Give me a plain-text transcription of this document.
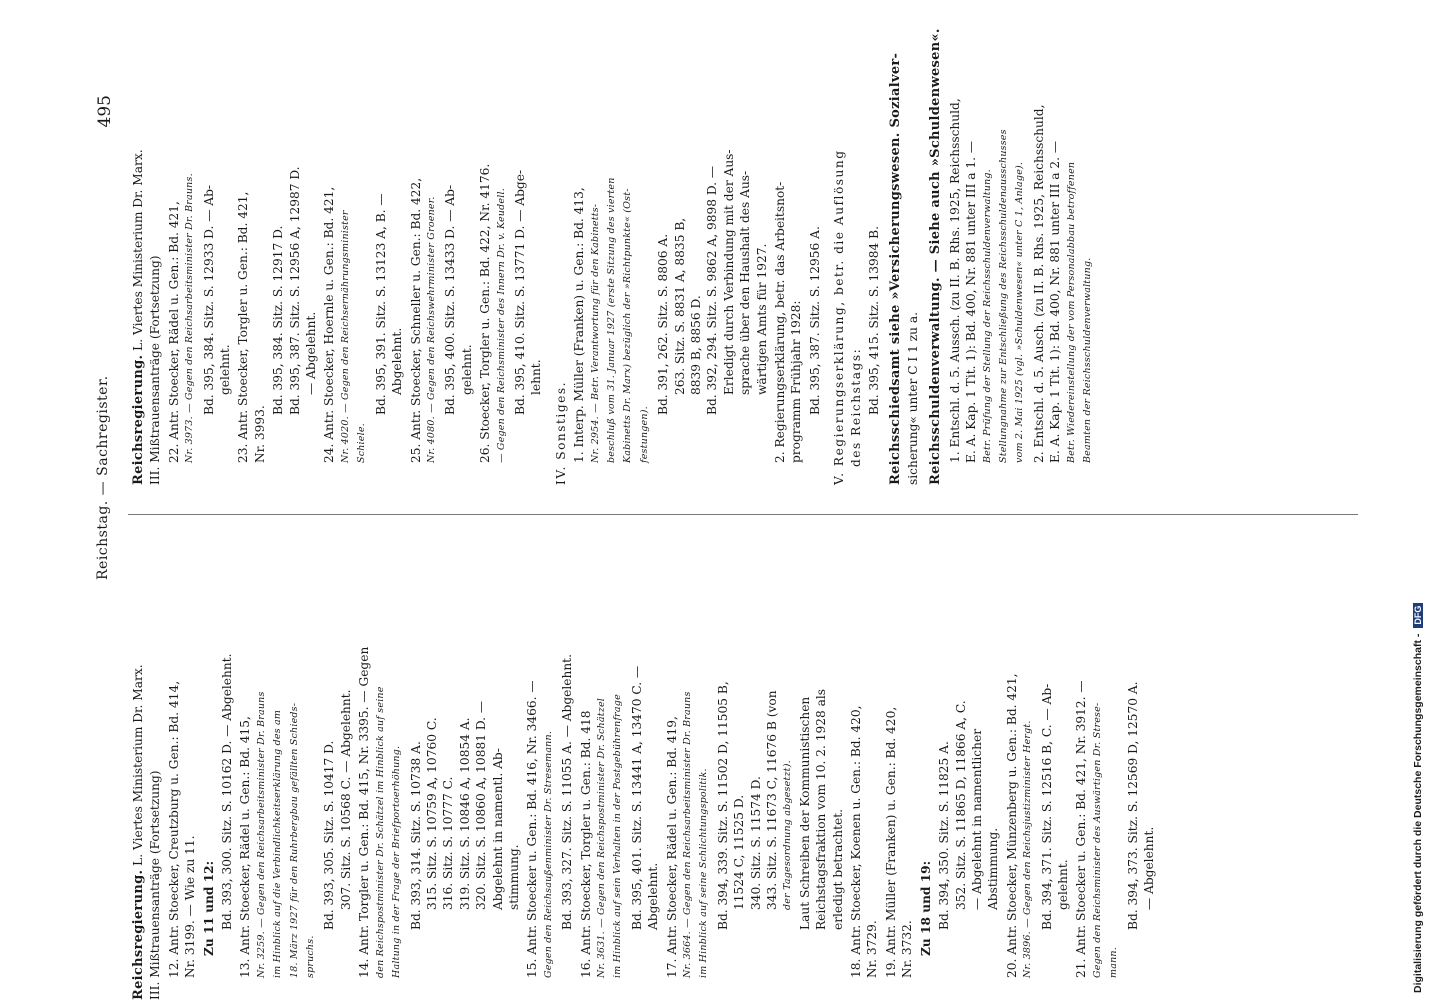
Reichstag. — Sachregister.
495
Reichsregierung. L. Viertes Ministerium Dr. Marx.
III. Mißtrauensanträge (Fortsetzung) 12. Antr. Stoecker, Creutzburg u. Gen.: Bd. 414, Nr. 3199. — Wie zu 11. Zu 11 und 12: Bd. 393, 300. Sitz. S. 10162 D. — Abgelehnt. 13. Antr. Stoecker, Rädel u. Gen.: Bd. 415, Nr. 3259. — Gegen den Reichsarbeitsminister Dr. Brauns im Hinblick auf die Verbindlichkeitserklärung des am 18. März 1927 für den Ruhrbergbau gefällten Schieds- spruchs.
Bd. 393, 305. Sitz. S. 10417 D. 307. Sitz. S. 10568 C. — Abgelehnt. 14. Antr. Torgler u. Gen.: Bd. 415, Nr. 3395. — Gegen den Reichspostminister Dr. Schätzel im Hinblick auf seine Haltung in der Frage der Briefportoerhöhung. Bd. 393, 314. Sitz. S. 10738 A. 315. Sitz. S. 10759 A, 10760 C. 316. Sitz. S. 10777 C. 319. Sitz. S. 10846 A, 10854 A. 320. Sitz. S. 10860 A, 10881 D. — Abgelehnt in namentl. Ab- stimmung. 15. Antr. Stoecker u. Gen.: Bd. 416, Nr. 3466. — Gegen den Reichsaußenminister Dr. Stresemann. Bd. 393, 327. Sitz. S. 11055 A. — Abgelehnt. 16. Antr. Stoecker, Torgler u. Gen.: Bd. 418 Nr. 3631. — Gegen den Reichspostminister Dr. Schätzel im Hinblick auf sein Verhalten in der Postgebührenfrage Bd. 395, 401. Sitz. S. 13441 A, 13470 C. — Abgelehnt. 17. Antr. Stoecker, Rädel u. Gen.: Bd. 419, Nr. 3664. — Gegen den Reichsarbeitsminister Dr. Brauns im Hinblick auf seine Schlichtungspolitik. Bd. 394, 339. Sitz. S. 11502 D, 11505 B, 11524 C, 11525 D. 340. Sitz. S. 11574 D. 343. Sitz. S. 11673 C, 11676 B (von der Tagesordnung abgesetzt). Laut Schreiben der Kommunistischen Reichstagsfraktion vom 10. 2. 1928 als erledigt betrachtet. 18. Antr. Stoecker, Koenen u. Gen.: Bd. 420, Nr. 3729. 19. Antr. Müller (Franken) u. Gen.: Bd. 420, Nr. 3732. Zu 18 und 19: Bd. 394, 350. Sitz. S. 11825 A. 352. Sitz. S. 11865 D, 11866 A, C. — Abgelehnt in namentlicher Abstimmung. 20. Antr. Stoecker, Münzenberg u. Gen.: Bd. 421, Nr. 3896. — Gegen den Reichsjustizminister Hergt. Bd. 394, 371. Sitz. S. 12516 B, C. — Ab- gelehnt. 21. Antr. Stoecker u. Gen.: Bd. 421, Nr. 3912. — Gegen den Reichsminister des Auswärtigen Dr. Strese- mann.
Bd. 394, 373. Sitz. S. 12569 D, 12570 A. — Abgelehnt.
Reichsregierung. L. Viertes Ministerium Dr. Marx.
III. Mißtrauensanträge (Fortsetzung) 22. Antr. Stoecker, Rädel u. Gen.: Bd. 421, Nr. 3973. — Gegen den Reichsarbeitsminister Dr. Brauns. Bd. 395, 384. Sitz. S. 12933 D. — Ab- gelehnt. 23. Antr. Stoecker, Torgler u. Gen.: Bd. 421, Nr. 3993.
Bd. 395, 384. Sitz. S. 12917 D. Bd. 395, 387. Sitz. S. 12956 A, 12987 D. — Abgelehnt. 24. Antr. Stoecker, Hoernle u. Gen.: Bd. 421, Nr. 4020. — Gegen den Reichsernährungsminister Schiele.
Bd. 395, 391. Sitz. S. 13123 A, B. — Abgelehnt. 25. Antr. Stoecker, Schneller u. Gen.: Bd. 422, Nr. 4080. — Gegen den Reichswehrminister Groener. Bd. 395, 400. Sitz. S. 13433 D. — Ab- gelehnt. 26. Stoecker, Torgler u. Gen.: Bd. 422, Nr. 4176. — Gegen den Reichsminister des Innern Dr. v. Keudell. Bd. 395, 410. Sitz. S. 13771 D. — Abge- lehnt.
IV. Sonstiges. 1. Interp. Müller (Franken) u. Gen.: Bd. 413, Nr. 2954. — Betr. Verantwortung für den Kabinetts- beschluß vom 31. Januar 1927 (erste Sitzung des vierten Kabinetts Dr. Marx) bezüglich der »Richtpunkte« (Ost- festungen).
Bd. 391, 262. Sitz. S. 8806 A. 263. Sitz. S. 8831 A, 8835 B, 8839 B, 8856 D. Bd. 392, 294. Sitz. S. 9862 A, 9898 D. — Erledigt durch Verbindung mit der Aus- sprache über den Haushalt des Aus- wärtigen Amts für 1927. 2. Regierungserklärung, betr. das Arbeitsnot- programm Frühjahr 1928: Bd. 395, 387. Sitz. S. 12956 A. V. Regierungserklärung, betr. die Auflösung des Reichstags: Bd. 395, 415. Sitz. S. 13984 B. Reichsschiedsamt siehe »Versicherungswesen. Sozialver- sicherung« unter C I 1 zu a. Reichsschuldenverwaltung. — Siehe auch »Schuldenwesen«. 1. Entschl. d. 5. Aussch. (zu II. B. Rhs. 1925, Reichsschuld, E. A. Kap. 1 Tit. 1): Bd. 400, Nr. 881 unter III a 1. — Betr. Prüfung der Stellung der Reichsschuldenverwaltung. Stellungnahme zur Entschließung des Reichsschuldenausschusses vom 2. Mai 1925 (vgl. »Schuldenwesen« unter C 1, Anlage). 2. Entschl. d. 5. Ausch. (zu II. B. Rhs. 1925, Reichsschuld, E. A. Kap. 1 Tit. 1): Bd. 400, Nr. 881 unter III a 2. — Betr. Wiedereinstellung der vom Personalabbau betroffenen Beamten der Reichsschuldenverwaltung.
Digitalisierung gefördert durch die Deutsche Forschungsgemeinschaft -DFG
